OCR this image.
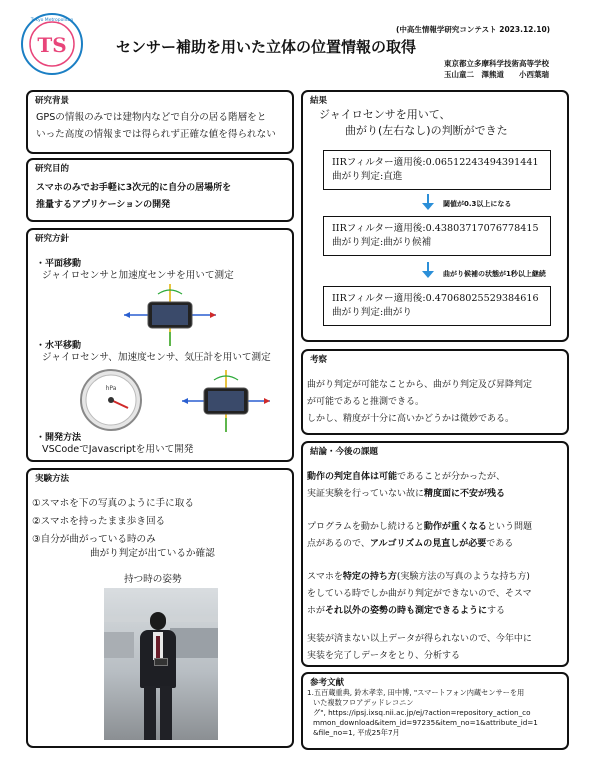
TS
Tokyo Metropolitan
(中高生情報学研究コンテスト 2023.12.10)
センサー補助を用いた立体の位置情報の取得
東京都立多摩科学技術高等学校
玉山童二　澤熊道　　小西葉瑞
研究背景
GPSの情報のみでは建物内などで自分の居る階層をと
いった高度の情報までは得られず正確な値を得られない
研究目的
スマホのみでお手軽に3次元的に自分の居場所を
推量するアプリケーションの開発
研究方針
・平面移動
ジャイロセンサと加速度センサを用いて測定
・水平移動
ジャイロセンサ、加速度センサ、気圧計を用いて測定
hPa
・開発方法
VSCodeでJavascriptを用いて開発
実験方法
①スマホを下の写真のように手に取る
②スマホを持ったまま歩き回る
③自分が曲がっている時のみ
曲がり判定が出ているか確認
持つ時の姿勢
結果
ジャイロセンサを用いて、
曲がり(左右なし)の判断ができた
IIRフィルター適用後:0.06512243494391441
曲がり判定:直進
閾値が0.3以上になる
IIRフィルター適用後:0.43803717076778415
曲がり判定:曲がり候補
曲がり候補の状態が1秒以上継続
IIRフィルター適用後:0.47068025529384616
曲がり判定:曲がり
考察
曲がり判定が可能なことから、曲がり判定及び昇降判定
が可能であると推測できる。
しかし、精度が十分に高いかどうかは微妙である。
結論・今後の課題
動作の判定自体は可能であることが分かったが、
実証実験を行っていない故に精度面に不安が残る
プログラムを動かし続けると動作が重くなるという問題
点があるので、アルゴリズムの見直しが必要である
スマホを特定の持ち方(実験方法の写真のような持ち方)
をしている時でしか曲がり判定ができないので、そスマ
ホがそれ以外の姿勢の時も測定できるようにする
実装が済まない以上データが得られないので、今年中に
実装を完了しデータをとり、分析する
参考文献
1.五百蔵重典, 鈴木孝幸, 田中博, "スマートフォン内蔵センサーを用
いた複数フロアデッドレコニン
グ", https://ipsj.ixsq.nii.ac.jp/ej/?action=repository_action_co
mmon_download&item_id=97235&item_no=1&attribute_id=1
&file_no=1, 平成25年7月
